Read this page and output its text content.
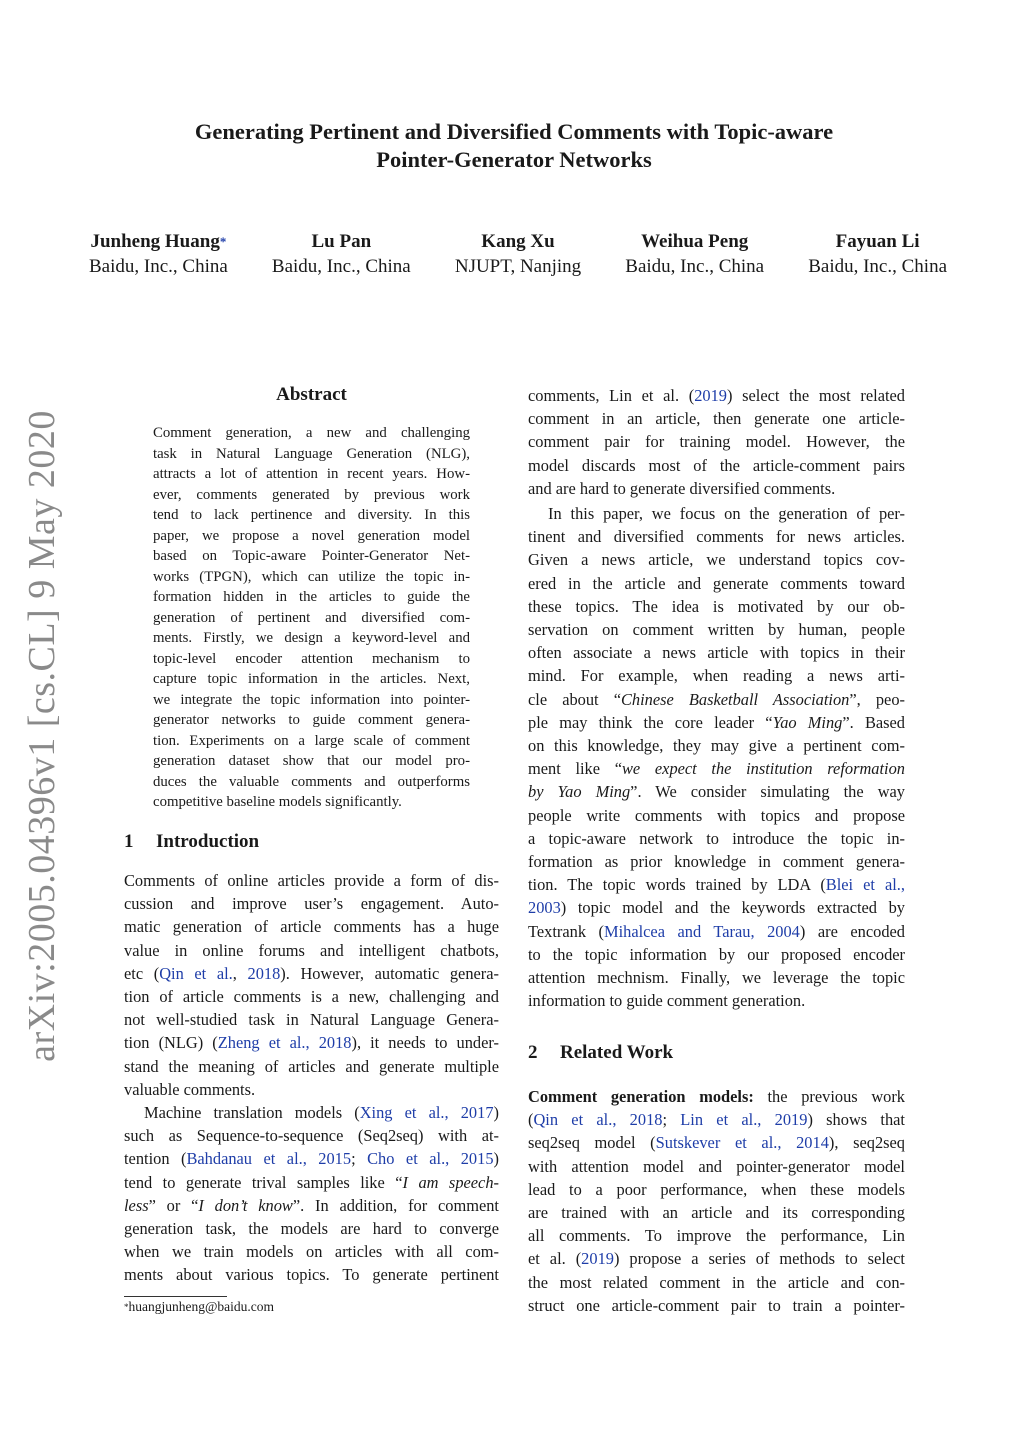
Generating Pertinent and Diversified Comments with Topic-aware
Pointer-Generator Networks
Junheng Huang*
Baidu, Inc., China
Lu Pan
Baidu, Inc., China
Kang Xu
NJUPT, Nanjing
Weihua Peng
Baidu, Inc., China
Fayuan Li
Baidu, Inc., China
arXiv:2005.04396v1 [cs.CL] 9 May 2020
Abstract
Comment generation, a new and challenging
task in Natural Language Generation (NLG),
attracts a lot of attention in recent years. How-
ever, comments generated by previous work
tend to lack pertinence and diversity. In this
paper, we propose a novel generation model
based on Topic-aware Pointer-Generator Net-
works (TPGN), which can utilize the topic in-
formation hidden in the articles to guide the
generation of pertinent and diversified com-
ments. Firstly, we design a keyword-level and
topic-level encoder attention mechanism to
capture topic information in the articles. Next,
we integrate the topic information into pointer-
generator networks to guide comment genera-
tion. Experiments on a large scale of comment
generation dataset show that our model pro-
duces the valuable comments and outperforms
competitive baseline models significantly.
1 Introduction
Comments of online articles provide a form of dis-
cussion and improve user’s engagement. Auto-
matic generation of article comments has a huge
value in online forums and intelligent chatbots,
etc (Qin et al., 2018). However, automatic genera-
tion of article comments is a new, challenging and
not well-studied task in Natural Language Genera-
tion (NLG) (Zheng et al., 2018), it needs to under-
stand the meaning of articles and generate multiple
valuable comments.
Machine translation models (Xing et al., 2017)
such as Sequence-to-sequence (Seq2seq) with at-
tention (Bahdanau et al., 2015; Cho et al., 2015)
tend to generate trival samples like “I am speech-
less” or “I don’t know”. In addition, for comment
generation task, the models are hard to converge
when we train models on articles with all com-
ments about various topics. To generate pertinent
*huangjunheng@baidu.com
comments, Lin et al. (2019) select the most related
comment in an article, then generate one article-
comment pair for training model. However, the
model discards most of the article-comment pairs
and are hard to generate diversified comments.
In this paper, we focus on the generation of per-
tinent and diversified comments for news articles.
Given a news article, we understand topics cov-
ered in the article and generate comments toward
these topics. The idea is motivated by our ob-
servation on comment written by human, people
often associate a news article with topics in their
mind. For example, when reading a news arti-
cle about “Chinese Basketball Association”, peo-
ple may think the core leader “Yao Ming”. Based
on this knowledge, they may give a pertinent com-
ment like “we expect the institution reformation
by Yao Ming”. We consider simulating the way
people write comments with topics and propose
a topic-aware network to introduce the topic in-
formation as prior knowledge in comment genera-
tion. The topic words trained by LDA (Blei et al.,
2003) topic model and the keywords extracted by
Textrank (Mihalcea and Tarau, 2004) are encoded
to the topic information by our proposed encoder
attention mechnism. Finally, we leverage the topic
information to guide comment generation.
2 Related Work
Comment generation models: the previous work
(Qin et al., 2018; Lin et al., 2019) shows that
seq2seq model (Sutskever et al., 2014), seq2seq
with attention model and pointer-generator model
lead to a poor performance, when these models
are trained with an article and its corresponding
all comments. To improve the performance, Lin
et al. (2019) propose a series of methods to select
the most related comment in the article and con-
struct one article-comment pair to train a pointer-
